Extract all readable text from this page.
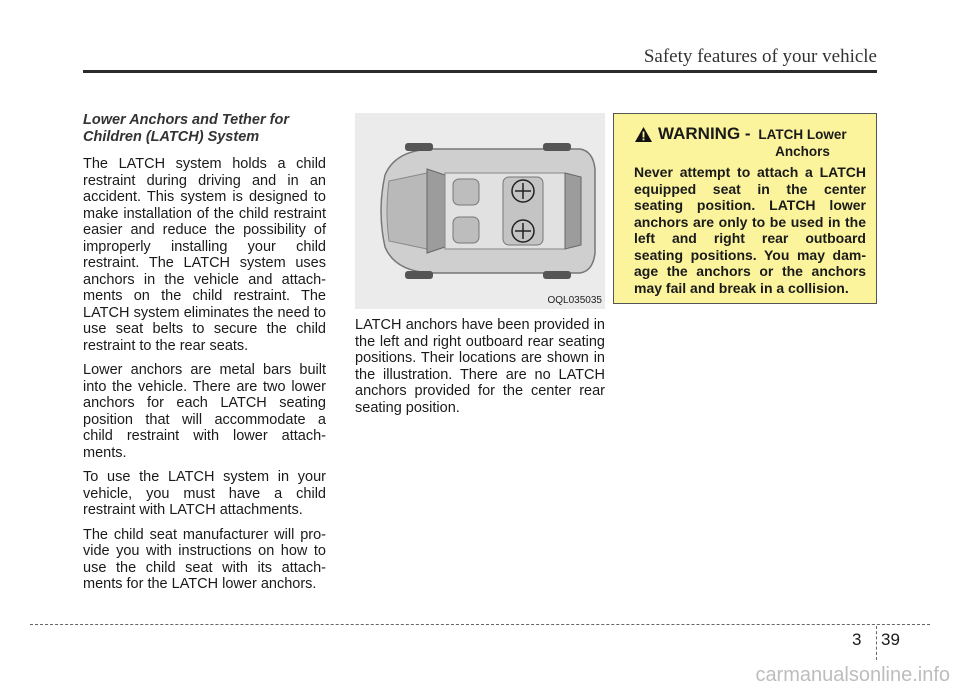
Safety features of your vehicle
Lower Anchors and Tether for
Children (LATCH) System

The LATCH system holds a child restraint during driving and in an accident. This system is designed to make installation of the child restraint easier and reduce the possibility of improperly installing your child restraint. The LATCH system uses anchors in the vehicle and attach- ments on the child restraint. The LATCH system eliminates the need to use seat belts to secure the child restraint to the rear seats.

Lower anchors are metal bars built into the vehicle. There are two lower anchors for each LATCH seating position that will accommodate a child restraint with lower attach- ments.

To use the LATCH system in your vehicle, you must have a child restraint with LATCH attachments.

The child seat manufacturer will pro- vide you with instructions on how to use the child seat with its attach- ments for the LATCH lower anchors.

OQL035035

LATCH anchors have been provided in the left and right outboard rear seating positions. Their locations are shown in the illustration. There are no LATCH anchors provided for the center rear seating position.

WARNING - LATCH Lower Anchors

Never attempt to attach a LATCH equipped seat in the center seating position. LATCH lower anchors are only to be used in the left and right rear outboard seating positions. You may dam- age the anchors or the anchors may fail and break in a collision.

3 39
carmanualsonline.info
